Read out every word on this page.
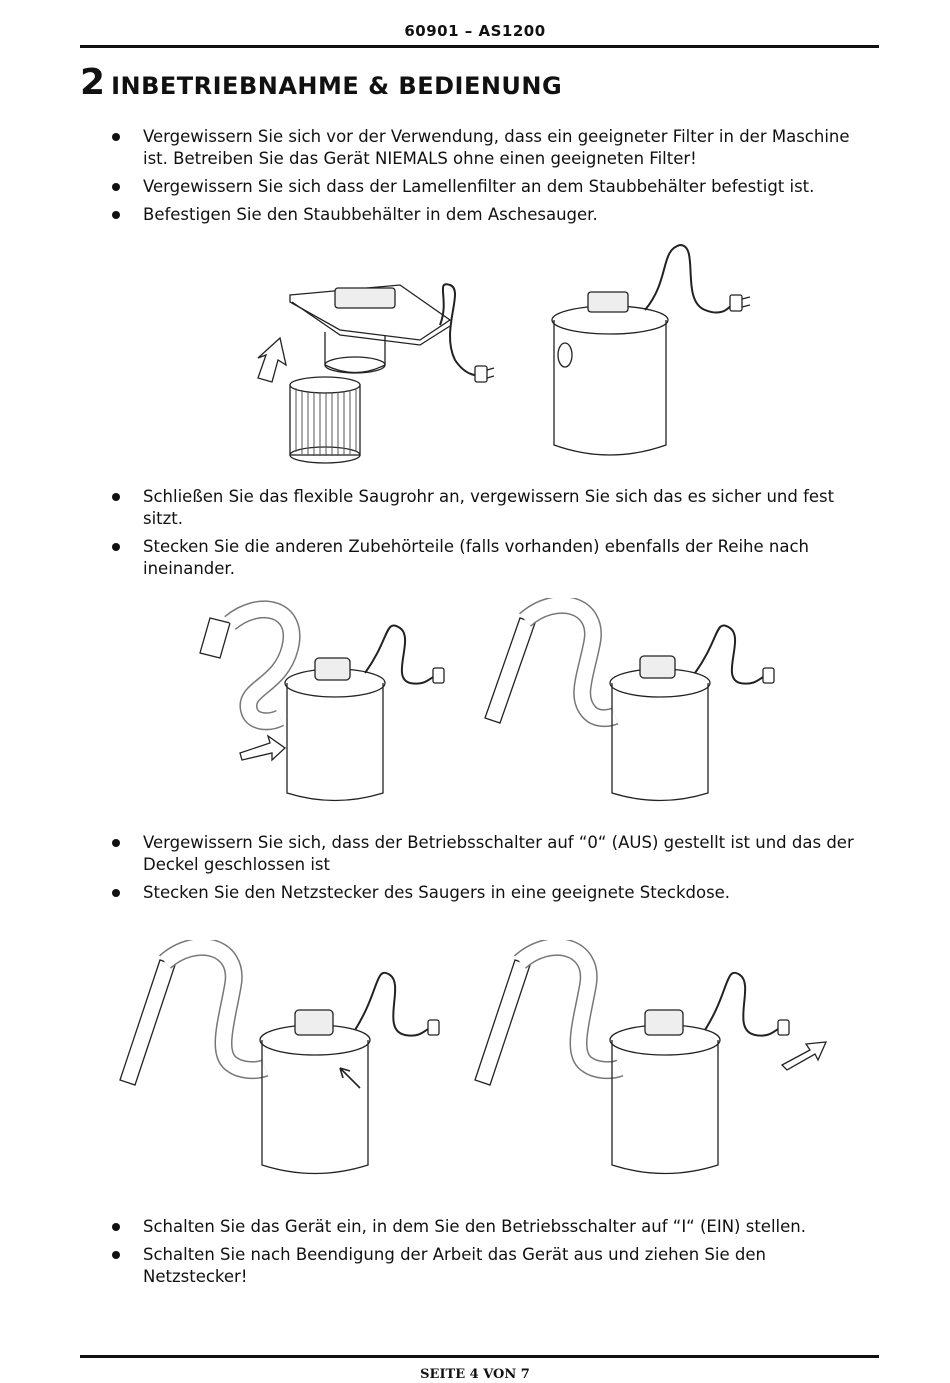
60901 – AS1200
2 INBETRIEBNAHME & BEDIENUNG
Vergewissern Sie sich vor der Verwendung, dass ein geeigneter Filter in der Maschine ist. Betreiben Sie das Gerät NIEMALS ohne einen geeigneten Filter!
Vergewissern Sie sich dass der Lamellenfilter an dem Staubbehälter befestigt ist.
Befestigen Sie den Staubbehälter in dem Aschesauger.
Schließen Sie das flexible Saugrohr an, vergewissern Sie sich das es sicher und fest sitzt.
Stecken Sie die anderen Zubehörteile (falls vorhanden) ebenfalls der Reihe nach ineinander.
Vergewissern Sie sich, dass der Betriebsschalter auf “0“ (AUS) gestellt ist und das der Deckel geschlossen ist
Stecken Sie den Netzstecker des Saugers in eine geeignete Steckdose.
Schalten Sie das Gerät ein, in dem Sie den Betriebsschalter auf “I“ (EIN) stellen.
Schalten Sie nach Beendigung der Arbeit das Gerät aus und ziehen Sie den Netzstecker!
SEITE 4 VON 7
